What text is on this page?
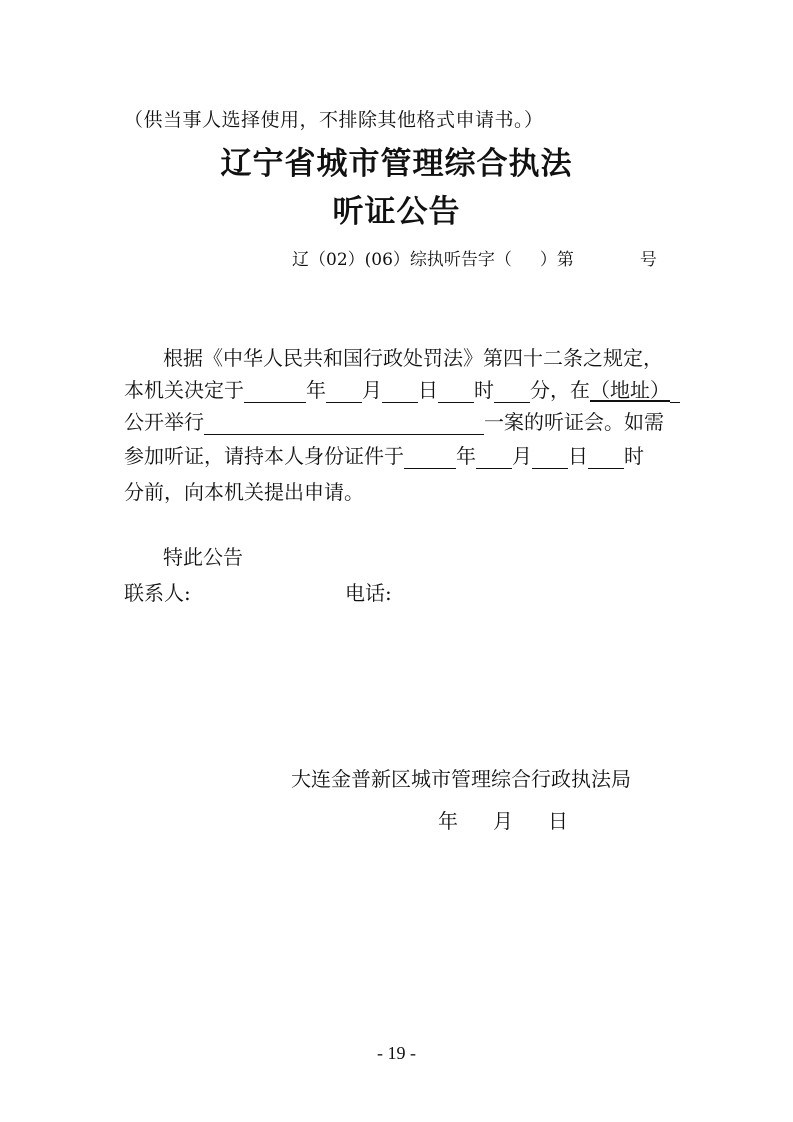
（供当事人选择使用，不排除其他格式申请书。）
辽宁省城市管理综合执法
听证公告
辽（02）(06）综执听告字（ ）第	号
根据《中华人民共和国行政处罚法》第四十二条之规定，
本机关决定于	年 月 日 时 分，在（地址）
公开举行	一案的听证会。如需
参加听证，请持本人身份证件于	年 月 日 时
分前，向本机关提出申请。
特此公告
联系人:	电话:
大连金普新区城市管理综合行政执法局
年 月 日
- 19 -
